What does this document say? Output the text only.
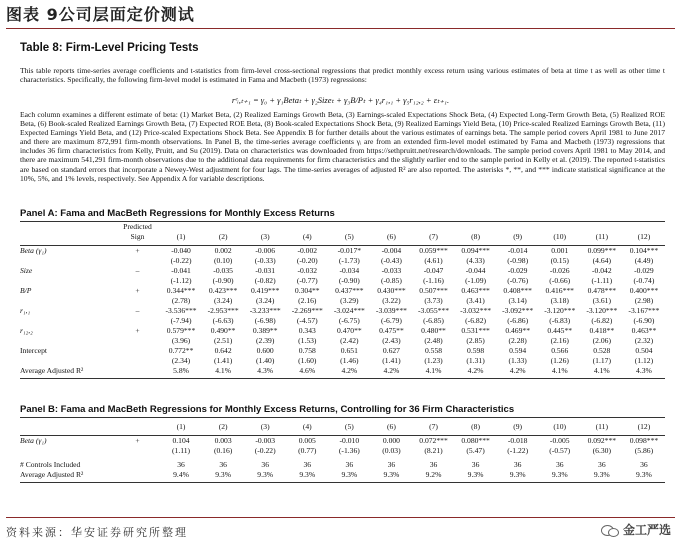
图表 9公司层面定价测试
Table 8: Firm-Level Pricing Tests
This table reports time-series average coefficients and t-statistics from firm-level cross-sectional regressions that predict monthly excess return using various estimates of beta at time t as well as other time t characteristics. Specifically, the following firm-level model is estimated in Fama and Macbeth (1973) regressions:
rᵉᵢ,ₜ₊₁ = γ₀ + γ₁Betaₜ + γ₂Sizeₜ + γ₃B/Pₜ + γ₄r₁,₁ + γ₅r₁₂,₂ + εₜ₊₁.
Each column examines a different estimate of beta: (1) Market Beta, (2) Realized Earnings Growth Beta, (3) Earnings-scaled Expectations Shock Beta, (4) Expected Long-Term Growth Beta, (5) Realized ROE Beta, (6) Book-scaled Realized Earnings Growth Beta, (7) Expected ROE Beta, (8) Book-scaled Expectations Shock Beta, (9) Realized Earnings Yield Beta, (10) Price-scaled Realized Earnings Growth Beta, (11) Expected Earnings Yield Beta, and (12) Price-scaled Expectations Shock Beta. See Appendix B for further details about the various estimates of earnings beta. The sample period covers April 1981 to June 2017 and there are maximum 872,991 firm-month observations. In Panel B, the time-series average coefficients γᵢ are from an extended firm-level model estimated by Fama and Macbeth (1973) regressions that includes 36 firm characteristics from Kelly, Pruitt, and Su (2019). Data on characteristics was downloaded from https://sethpruitt.net/research/downloads. The sample period covers April 1981 to May 2014, and there are maximum 541,291 firm-month observations due to the additional data requirements for firm characteristics and the slightly earlier end to the sample period in Kelly et al. (2019). The reported t-statistics are based on standard errors that incorporate a Newey-West adjustment for four lags. The time-series averages of adjusted R² are also reported. The asterisks *, **, and *** indicate statistical significance at the 10%, 5%, and 1% levels, respectively. See Appendix A for variable descriptions.
Panel A: Fama and MacBeth Regressions for Monthly Excess Returns
	Predicted												
	Sign	(1)	(2)	(3)	(4)	(5)	(6)	(7)	(8)	(9)	(10)	(11)	(12)

Beta (γ₁)	+	-0.040	0.002	-0.006	-0.002	-0.017*	-0.004	0.059***	0.094***	-0.014	0.001	0.099***	0.104***
		(-0.22)	(0.10)	(-0.33)	(-0.20)	(-1.73)	(-0.43)	(4.61)	(4.33)	(-0.98)	(0.15)	(4.64)	(4.49)
Size	–	-0.041	-0.035	-0.031	-0.032	-0.034	-0.033	-0.047	-0.044	-0.029	-0.026	-0.042	-0.029
		(-1.12)	(-0.90)	(-0.82)	(-0.77)	(-0.90)	(-0.85)	(-1.16)	(-1.09)	(-0.76)	(-0.66)	(-1.11)	(-0.74)
B/P	+	0.344***	0.423***	0.419***	0.304**	0.437***	0.430***	0.507***	0.463***	0.408***	0.416***	0.478***	0.400***
		(2.78)	(3.24)	(3.24)	(2.16)	(3.29)	(3.22)	(3.73)	(3.41)	(3.14)	(3.18)	(3.61)	(2.98)
r₁,₁	–	-3.536***	-2.953***	-3.233***	-2.269***	-3.024***	-3.039***	-3.055***	-3.032***	-3.092***	-3.120***	-3.120***	-3.167***
		(-7.94)	(-6.63)	(-6.98)	(-4.57)	(-6.75)	(-6.79)	(-6.85)	(-6.82)	(-6.86)	(-6.83)	(-6.82)	(-6.90)
r₁₂,₂	+	0.579***	0.490**	0.389**	0.343	0.470**	0.475**	0.480**	0.531***	0.469**	0.445**	0.418**	0.463**
		(3.96)	(2.51)	(2.39)	(1.53)	(2.42)	(2.43)	(2.48)	(2.85)	(2.28)	(2.16)	(2.06)	(2.32)
Intercept		0.772**	0.642	0.600	0.758	0.651	0.627	0.558	0.598	0.594	0.566	0.528	0.504
		(2.34)	(1.41)	(1.40)	(1.60)	(1.46)	(1.41)	(1.23)	(1.31)	(1.33)	(1.26)	(1.17)	(1.12)
Average Adjusted R²		5.8%	4.1%	4.3%	4.6%	4.2%	4.2%	4.1%	4.2%	4.2%	4.1%	4.1%	4.3%

Panel B: Fama and MacBeth Regressions for Monthly Excess Returns, Controlling for 36 Firm Characteristics
		(1)	(2)	(3)	(4)	(5)	(6)	(7)	(8)	(9)	(10)	(11)	(12)

Beta (γ₁)	+	0.104	0.003	-0.003	0.005	-0.010	0.000	0.072***	0.080***	-0.018	-0.005	0.092***	0.098***
		(1.11)	(0.16)	(-0.22)	(0.77)	(-1.36)	(0.03)	(8.21)	(5.47)	(-1.22)	(-0.57)	(6.30)	(5.86)

# Controls Included		36	36	36	36	36	36	36	36	36	36	36	36
Average Adjusted R²		9.4%	9.3%	9.3%	9.3%	9.3%	9.3%	9.2%	9.3%	9.3%	9.3%	9.3%	9.3%

资料来源：华安证券研究所整理	金工严选
